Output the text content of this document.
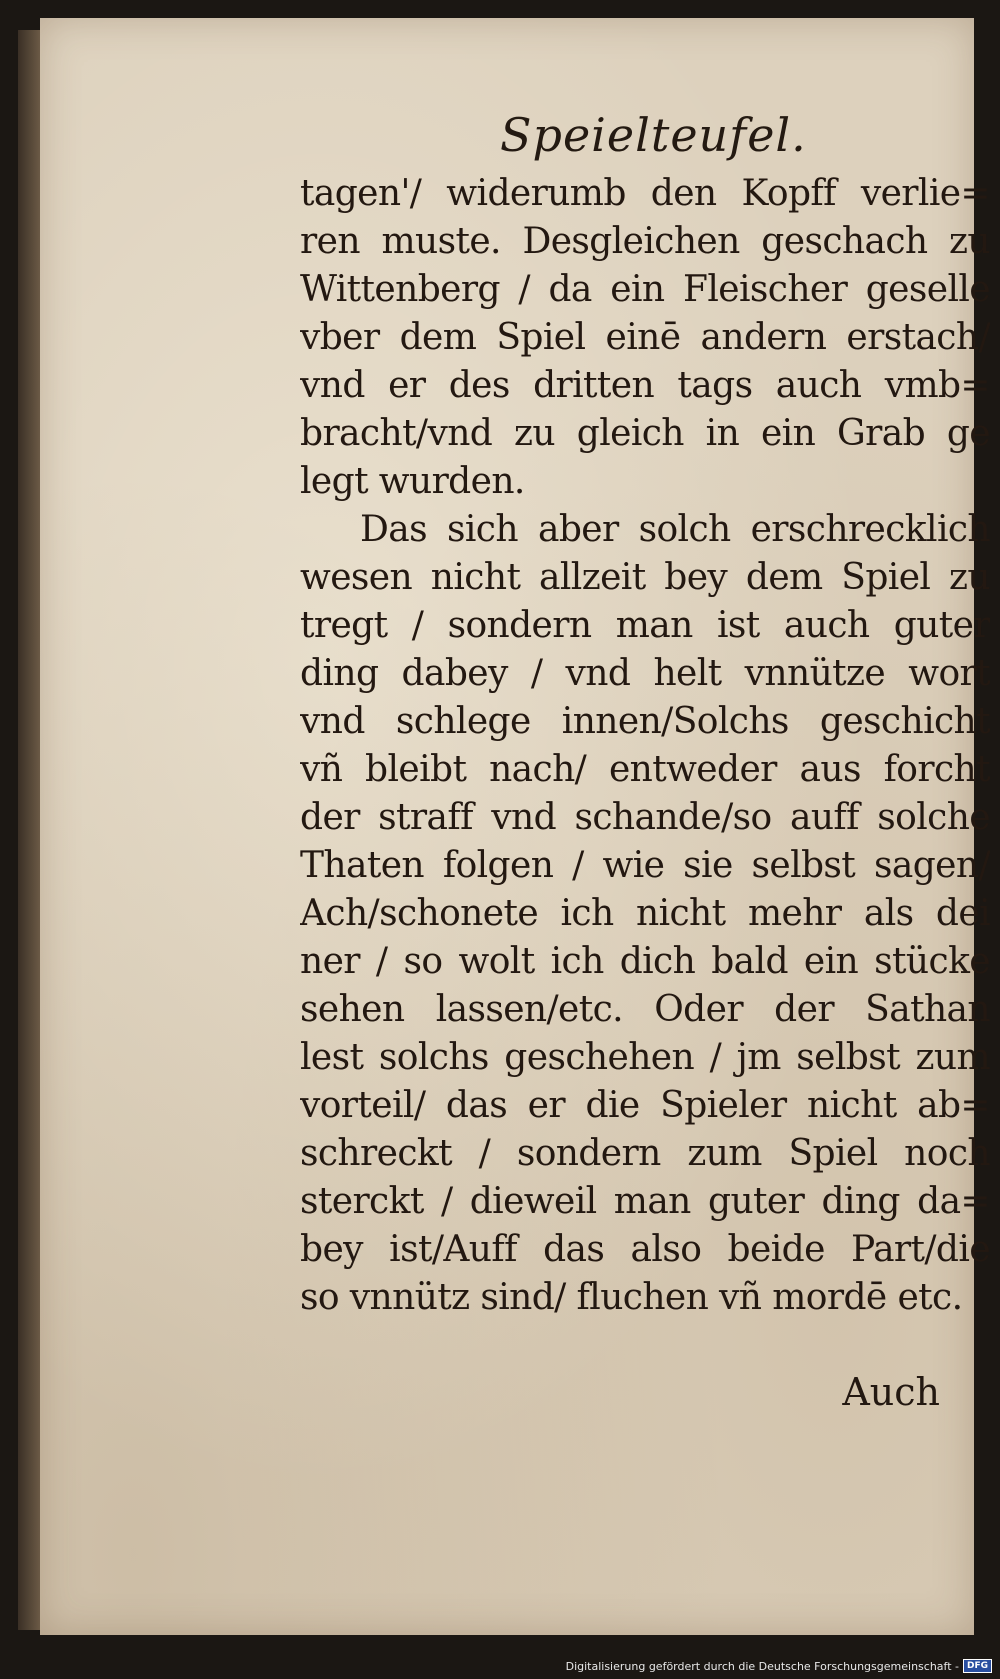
Speielteufel.
tagen'/ widerumb den Kopff verlie=
ren muste. Desgleichen geschach zu
Wittenberg / da ein Fleischer geselle
vber dem Spiel einē andern erstach/
vnd er des dritten tags auch vmb=
bracht/vnd zu gleich in ein Grab ge
legt wurden.
Das sich aber solch erschrecklich
wesen nicht allzeit bey dem Spiel zu
tregt / sondern man ist auch guter
ding dabey / vnd helt vnnütze wort
vnd schlege innen/Solchs geschicht
vñ bleibt nach/ entweder aus forcht
der straff vnd schande/so auff solche
Thaten folgen / wie sie selbst sagen/
Ach/schonete ich nicht mehr als dei
ner / so wolt ich dich bald ein stücke
sehen lassen/etc. Oder der Sathan
lest solchs geschehen / jm selbst zum
vorteil/ das er die Spieler nicht ab=
schreckt / sondern zum Spiel noch
sterckt / dieweil man guter ding da=
bey ist/Auff das also beide Part/die
so vnnütz sind/ fluchen vñ mordē etc.
Auch
Digitalisierung gefördert durch die Deutsche Forschungsgemeinschaft - DFG
